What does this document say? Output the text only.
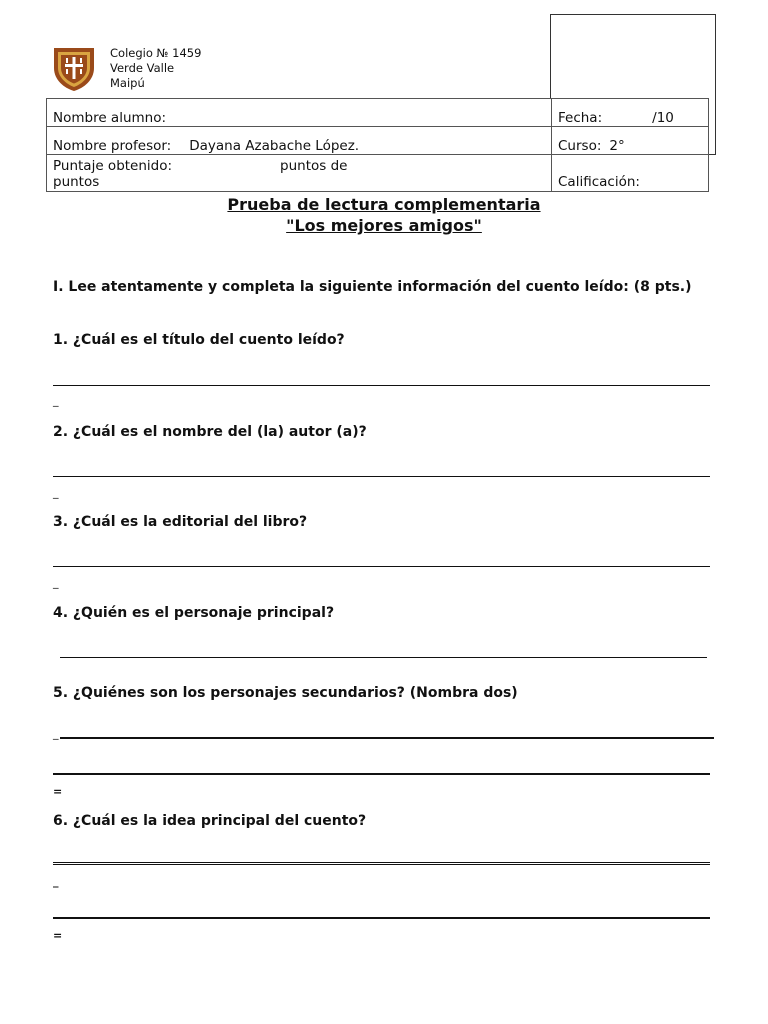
Colegio № 1459
Verde Valle
Maipú
Nombre alumno:	Fecha: /10
Nombre profesor: Dayana Azabache López.	Curso: 2°

Puntaje obtenido: puntos de
puntos	Calificación:
Prueba de lectura complementaria
"Los mejores amigos"
I. Lee atentamente y completa la siguiente información del cuento leído: (8 pts.)
1. ¿Cuál es el título del cuento leído?
_
2. ¿Cuál es el nombre del (la) autor (a)?
_
3. ¿Cuál es la editorial del libro?
_
4. ¿Quién es el personaje principal?
5. ¿Quiénes son los personajes secundarios? (Nombra dos)
_
=
6. ¿Cuál es la idea principal del cuento?
_
=
